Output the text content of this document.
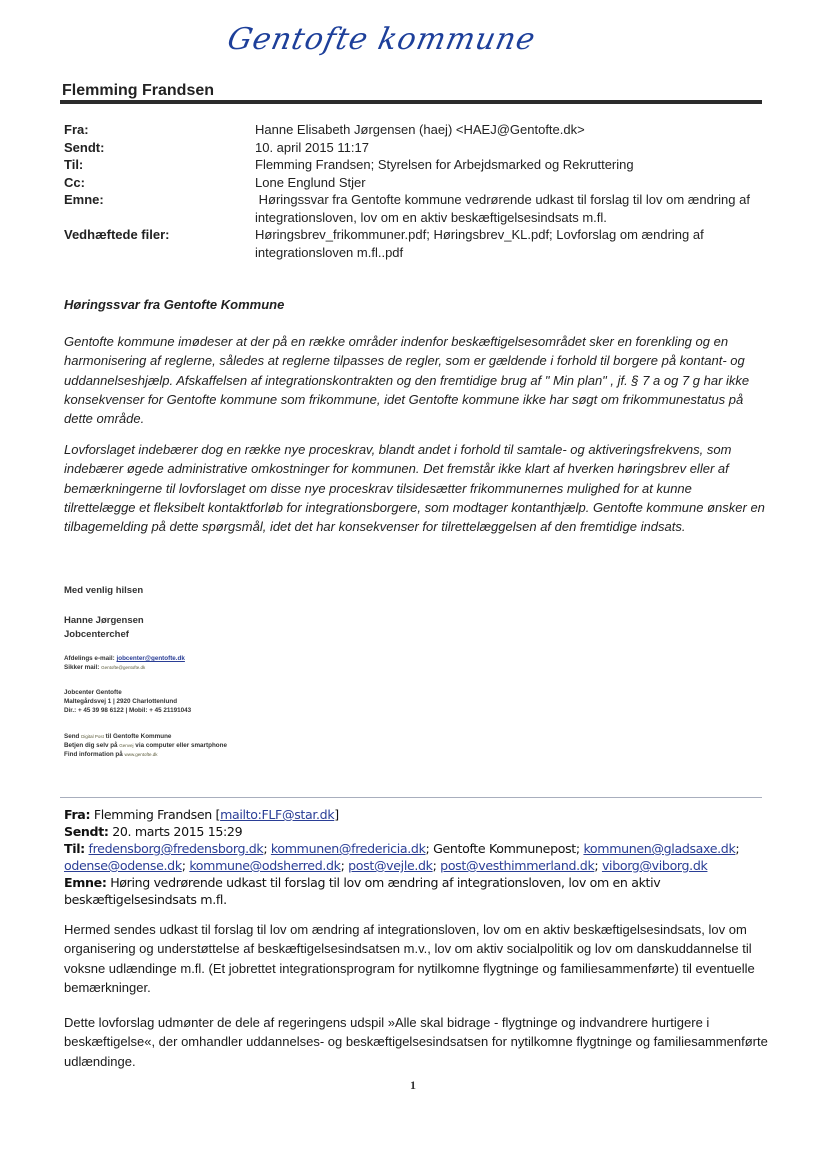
Gentofte kommune
Flemming Frandsen
Fra:	Hanne Elisabeth Jørgensen (haej) <HAEJ@Gentofte.dk>
Sendt:	10. april 2015 11:17
Til:	Flemming Frandsen; Styrelsen for Arbejdsmarked og Rekruttering
Cc:	Lone Englund Stjer
Emne:	Høringssvar fra Gentofte kommune vedrørende udkast til forslag til lov om ændring af integrationsloven, lov om en aktiv beskæftigelsesindsats m.fl.
Vedhæftede filer:	Høringsbrev_frikommuner.pdf; Høringsbrev_KL.pdf; Lovforslag om ændring af integrationsloven m.fl..pdf
Høringssvar fra Gentofte Kommune
Gentofte kommune imødeser at der på en række områder indenfor beskæftigelsesområdet sker en forenkling og en harmonisering af reglerne, således at reglerne tilpasses de regler, som er gældende i forhold til borgere på kontant- og uddannelseshjælp. Afskaffelsen af integrationskontrakten og den fremtidige brug af " Min plan" , jf. § 7 a og 7 g har ikke konsekvenser for Gentofte kommune som frikommune, idet Gentofte kommune ikke har søgt om frikommunestatus på dette område.
Lovforslaget indebærer dog en række nye proceskrav, blandt andet i forhold til samtale- og aktiveringsfrekvens, som indebærer øgede administrative omkostninger for kommunen. Det fremstår ikke klart af hverken høringsbrev eller af bemærkningerne til lovforslaget om disse nye proceskrav tilsidesætter frikommunernes mulighed for at kunne tilrettelægge et fleksibelt kontaktforløb for integrationsborgere, som modtager kontanthjælp. Gentofte kommune ønsker en tilbagemelding på dette spørgsmål, idet det har konsekvenser for tilrettelæggelsen af den fremtidige indsats.
Med venlig hilsen
Hanne Jørgensen
Jobcenterchef
Afdelings e-mail: jobcenter@gentofte.dk
Sikker mail: Gentofte@gentofte.dk
Jobcenter Gentofte
Maltegårdsvej 1 | 2920 Charlottenlund
Dir.: + 45 39 98 6122 | Mobil: + 45 21191043
Send Digital Post til Gentofte Kommune
Betjen dig selv på Genvej via computer eller smartphone
Find information på www.gentofte.dk
Fra: Flemming Frandsen [mailto:FLF@star.dk]
Sendt: 20. marts 2015 15:29
Til: fredensborg@fredensborg.dk; kommunen@fredericia.dk; Gentofte Kommunepost; kommunen@gladsaxe.dk; odense@odense.dk; kommune@odsherred.dk; post@vejle.dk; post@vesthimmerland.dk; viborg@viborg.dk
Emne: Høring vedrørende udkast til forslag til lov om ændring af integrationsloven, lov om en aktiv beskæftigelsesindsats m.fl.
Hermed sendes udkast til forslag til lov om ændring af integrationsloven, lov om en aktiv beskæftigelsesindsats, lov om organisering og understøttelse af beskæftigelsesindsatsen m.v., lov om aktiv socialpolitik og lov om danskuddannelse til voksne udlændinge m.fl. (Et jobrettet integrationsprogram for nytilkomne flygtninge og familiesammenførte) til eventuelle bemærkninger.
Dette lovforslag udmønter de dele af regeringens udspil »Alle skal bidrage - flygtninge og indvandrere hurtigere i beskæftigelse«, der omhandler uddannelses- og beskæftigelsesindsatsen for nytilkomne flygtninge og familiesammenførte udlændinge.
1
